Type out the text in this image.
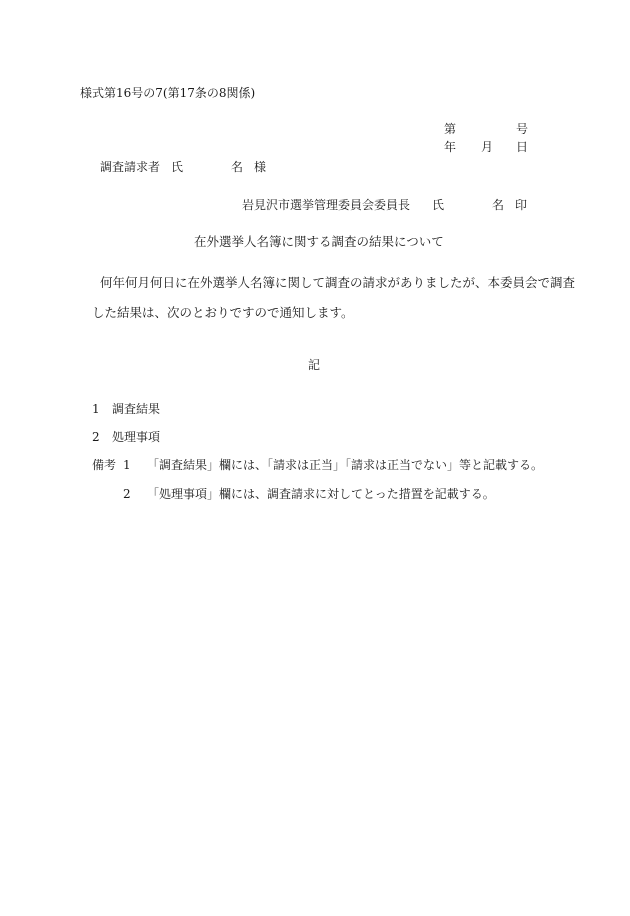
様式第16号の7(第17条の8関係)
第	号
年 月 日
調査請求者 氏	名 様
岩見沢市選挙管理委員会委員長 氏	名 印
在外選挙人名簿に関する調査の結果について
何年何月何日に在外選挙人名簿に関して調査の請求がありましたが、本委員会で調査
した結果は、次のとおりですので通知します。
記
1 調査結果
2 処理事項
備考 1 「調査結果」欄には、「請求は正当」「請求は正当でない」等と記載する。
2 「処理事項」欄には、調査請求に対してとった措置を記載する。
